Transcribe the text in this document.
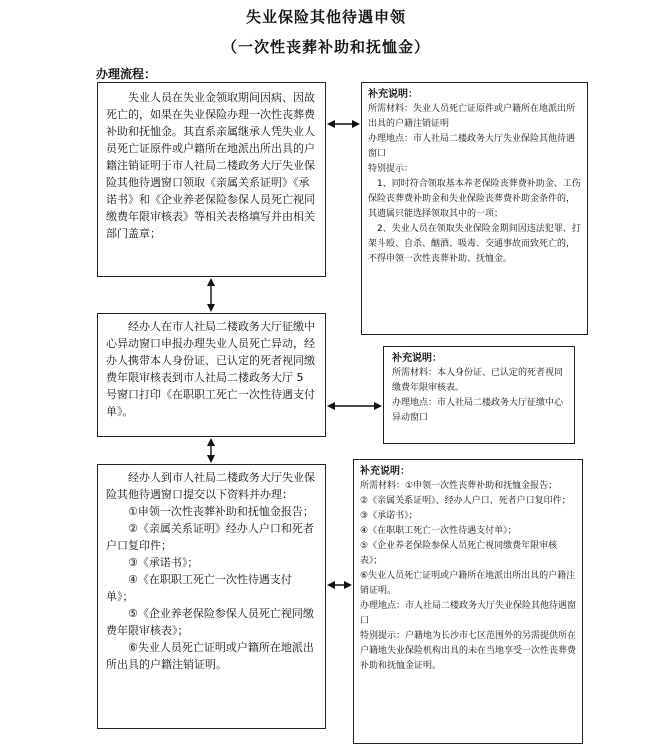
失业保险其他待遇申领
（一次性丧葬补助和抚恤金）
办理流程：

失业人员在失业金领取期间因病、因故死亡的，如果在失业保险办理一次性丧葬费补助和抚恤金。其直系亲属继承人凭失业人员死亡证原件或户籍所在地派出所出具的户籍注销证明于市人社局二楼政务大厅失业保险其他待遇窗口领取《亲属关系证明》《承诺书》和《企业养老保险参保人员死亡视同缴费年限审核表》等相关表格填写并由相关部门盖章；

补充说明：

所需材料：失业人员死亡证原件或户籍所在地派出所出具的户籍注销证明

办理地点：市人社局二楼政务大厅失业保险其他待遇窗口

特别提示：

1、同时符合领取基本养老保险丧葬费补助金、工伤保险丧葬费补助金和失业保险丧葬费补助金条件的，其遗属只能选择领取其中的一项；

2、失业人员在领取失业保险金期间因违法犯罪、打架斗殴、自杀、酗酒、吸毒、交通事故而致死亡的，不得申领一次性丧葬补助、抚恤金。

经办人在市人社局二楼政务大厅征缴中心异动窗口申报办理失业人员死亡异动，经办人携带本人身份证、已认定的死者视同缴费年限审核表到市人社局二楼政务大厅 5 号窗口打印《在职职工死亡一次性待遇支付单》。

补充说明：

所需材料：本人身份证、已认定的死者视同缴费年限审核表。

办理地点：市人社局二楼政务大厅征缴中心异动窗口

经办人到市人社局二楼政务大厅失业保险其他待遇窗口提交以下资料并办理：

①申领一次性丧葬补助和抚恤金报告；

②《亲属关系证明》经办人户口和死者户口复印件；

③《承诺书》；

④《在职职工死亡一次性待遇支付单》；

⑤《企业养老保险参保人员死亡视同缴费年限审核表》；

⑥失业人员死亡证明或户籍所在地派出所出具的户籍注销证明。

补充说明：

所需材料：①申领一次性丧葬补助和抚恤金报告；

②《亲属关系证明》、经办人户口、死者户口复印件；

③《承诺书》；

④《在职职工死亡一次性待遇支付单》；

⑤《企业养老保险参保人员死亡视同缴费年限审核表》；

⑥失业人员死亡证明或户籍所在地派出所出具的户籍注销证明。

办理地点：市人社局二楼政务大厅失业保险其他待遇窗口

特别提示：户籍地为长沙市七区范围外的另需提供所在户籍地失业保险机构出具的未在当地享受一次性丧葬费补助和抚恤金证明。
